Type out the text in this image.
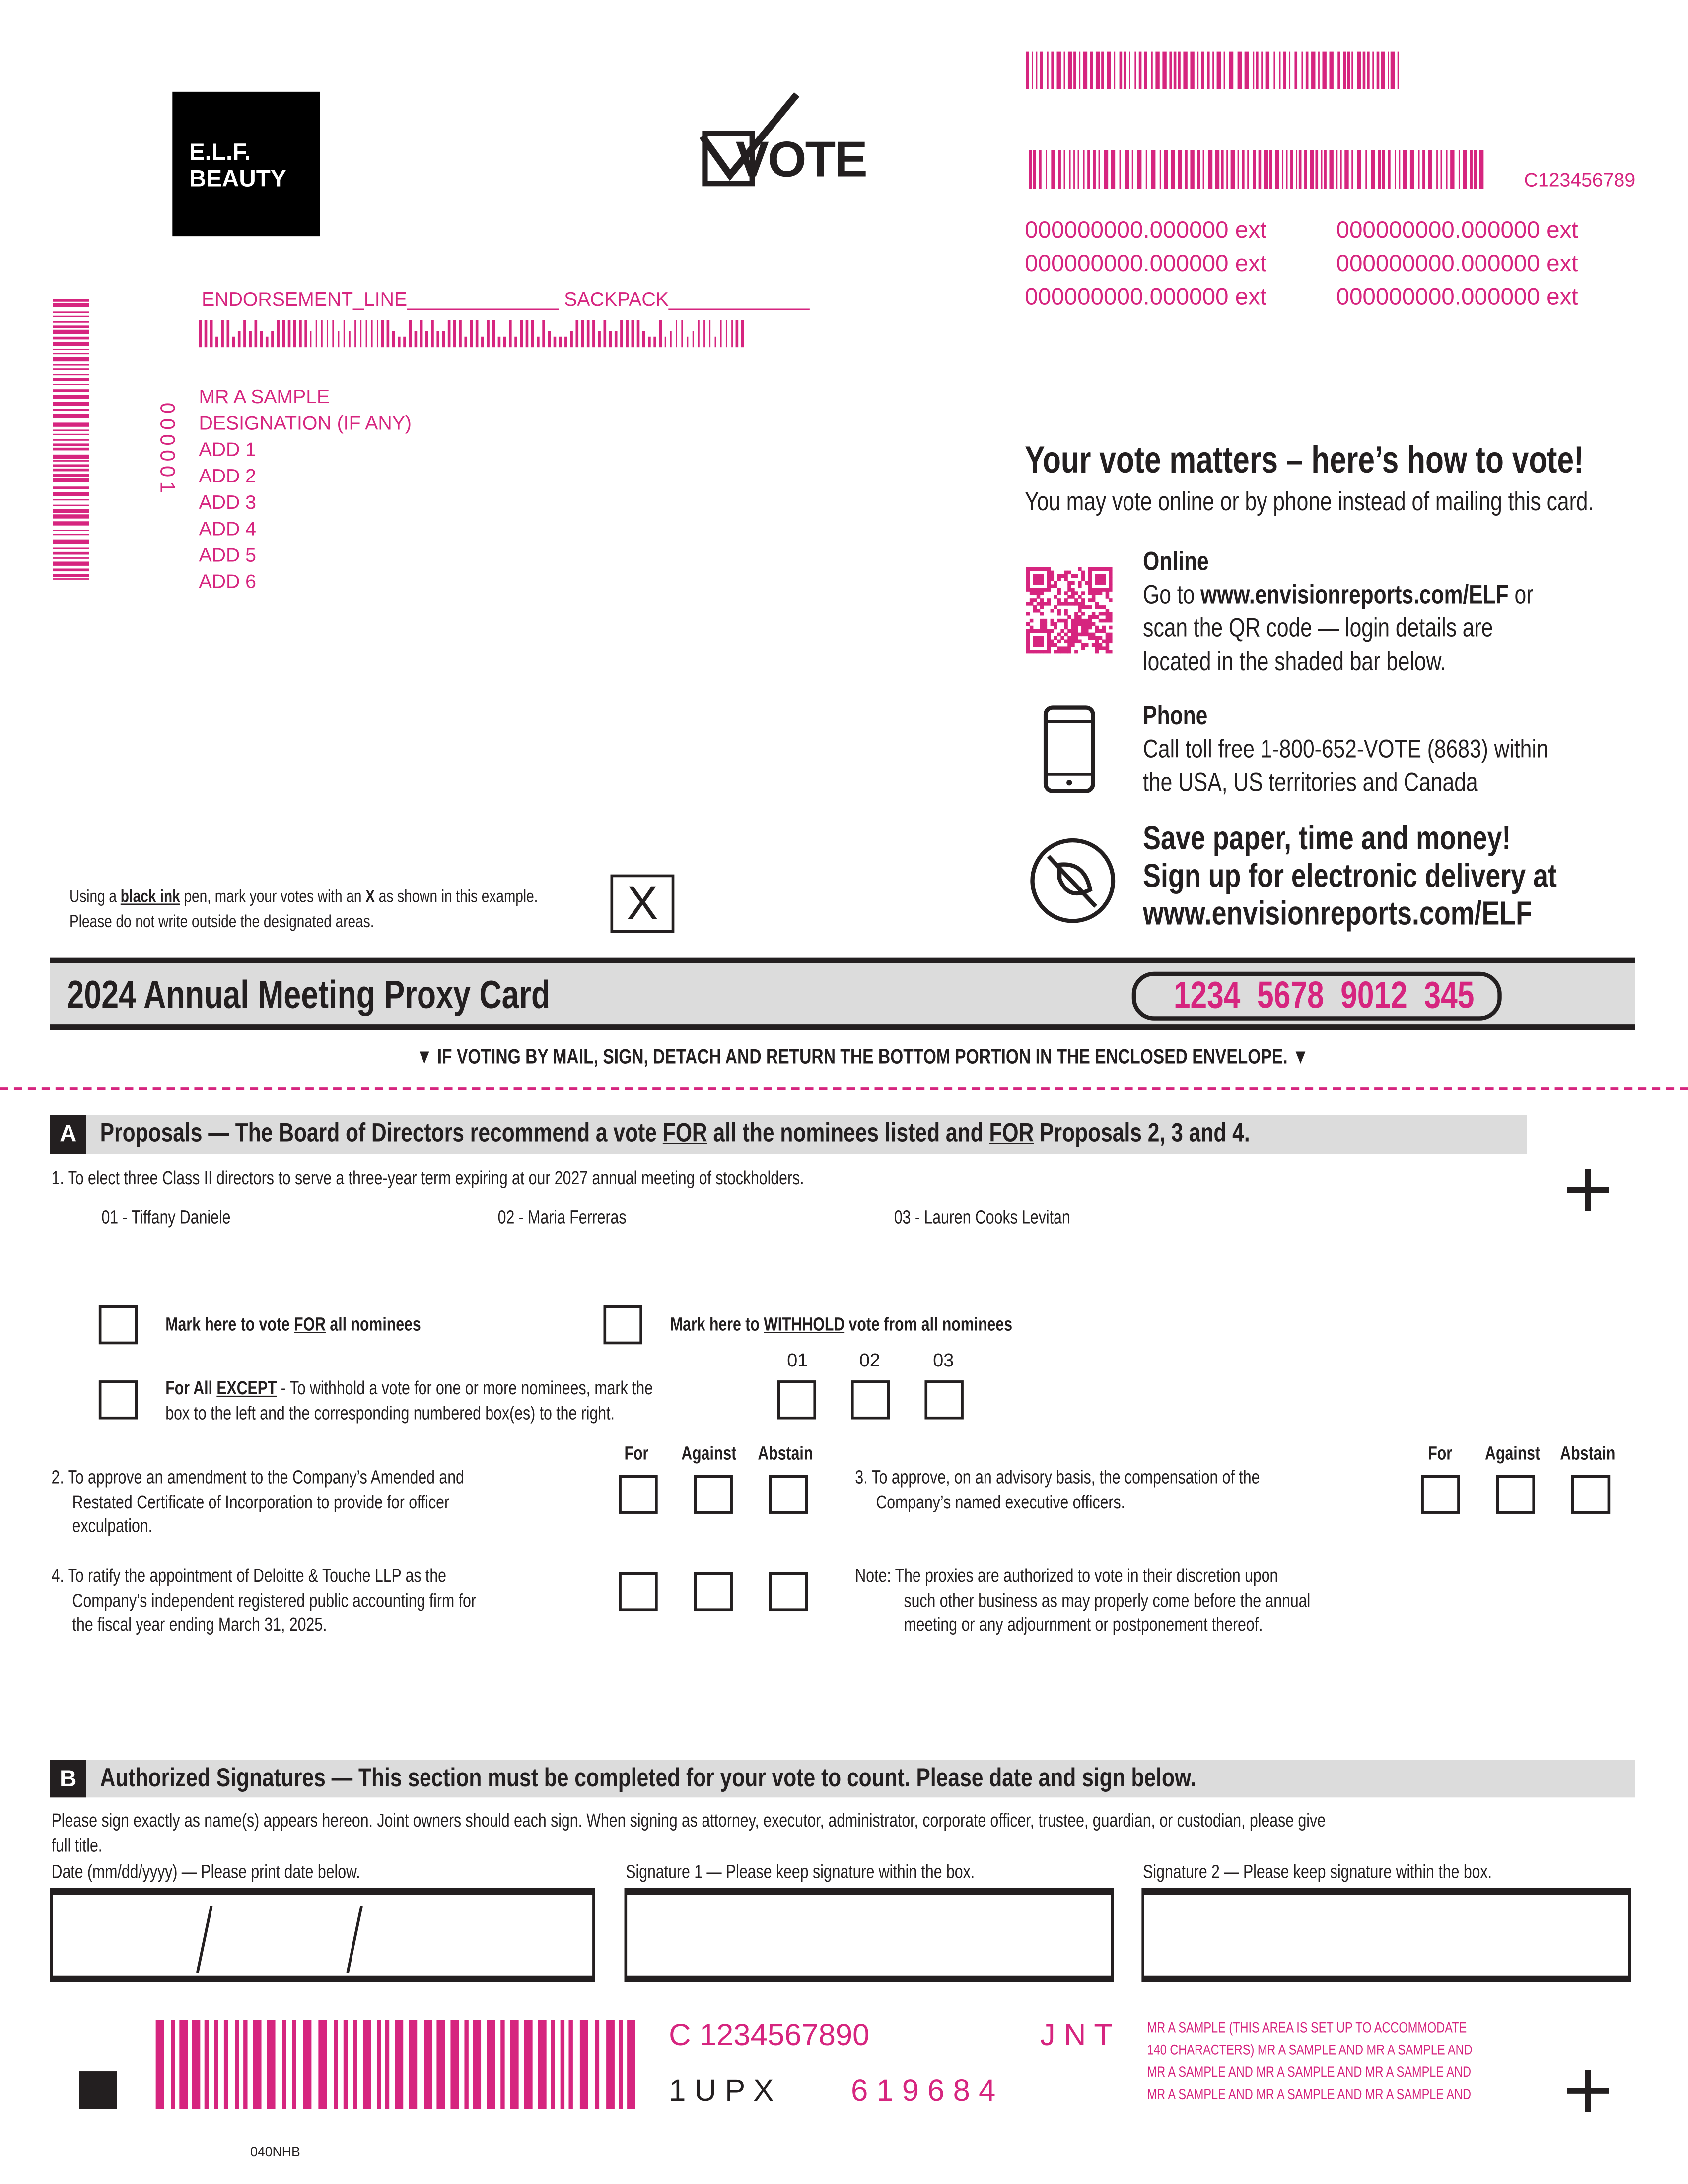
E.L.F.
BEAUTY	VOTE	C123456789
000000000.000000 ext
000000000.000000 ext
000000000.000000 ext
000000000.000000 ext
000000000.000000 ext
000000000.000000 ext
ENDORSEMENT_LINE______________ SACKPACK_____________
000001
MR A SAMPLE
DESIGNATION (IF ANY)
ADD 1
ADD 2
ADD 3
ADD 4
ADD 5
ADD 6
Your vote matters – here’s how to vote!
You may vote online or by phone instead of mailing this card.
Online
Go to www.envisionreports.com/ELF or
scan the QR code — login details are
located in the shaded bar below.
Phone
Call toll free 1-800-652-VOTE (8683) within
the USA, US territories and Canada
Save paper, time and money!
Sign up for electronic delivery at
www.envisionreports.com/ELF
Using a black ink pen, mark your votes with an X as shown in this example.
Please do not write outside the designated areas.	X
2024 Annual Meeting Proxy Card	1234  5678  9012  345
▼ IF VOTING BY MAIL, SIGN, DETACH AND RETURN THE BOTTOM PORTION IN THE ENCLOSED ENVELOPE. ▼
A	Proposals — The Board of Directors recommend a vote FOR all the nominees listed and FOR Proposals 2, 3 and 4.
1. To elect three Class II directors to serve a three-year term expiring at our 2027 annual meeting of stockholders.
01 - Tiffany Daniele	02 - Maria Ferreras	03 - Lauren Cooks Levitan
Mark here to vote FOR all nominees	Mark here to WITHHOLD vote from all nominees
For All EXCEPT - To withhold a vote for one or more nominees, mark the
box to the left and the corresponding numbered box(es) to the right.
01	02	03
For	Against	Abstain	For	Against	Abstain
2. To approve an amendment to the Company’s Amended and
Restated Certificate of Incorporation to provide for officer
exculpation.
3. To approve, on an advisory basis, the compensation of the
Company’s named executive officers.
4. To ratify the appointment of Deloitte & Touche LLP as the
Company’s independent registered public accounting firm for
the fiscal year ending March 31, 2025.
Note: The proxies are authorized to vote in their discretion upon
such other business as may properly come before the annual
meeting or any adjournment or postponement thereof.
B	Authorized Signatures — This section must be completed for your vote to count. Please date and sign below.
Please sign exactly as name(s) appears hereon. Joint owners should each sign. When signing as attorney, executor, administrator, corporate officer, trustee, guardian, or custodian, please give
full title.
Date (mm/dd/yyyy) — Please print date below.	Signature 1 — Please keep signature within the box.	Signature 2 — Please keep signature within the box.
C 1234567890	J N T
1 U P X	6 1 9 6 8 4
MR A SAMPLE (THIS AREA IS SET UP TO ACCOMMODATE
140 CHARACTERS) MR A SAMPLE AND MR A SAMPLE AND
MR A SAMPLE AND MR A SAMPLE AND MR A SAMPLE AND
MR A SAMPLE AND MR A SAMPLE AND MR A SAMPLE AND
040NHB
